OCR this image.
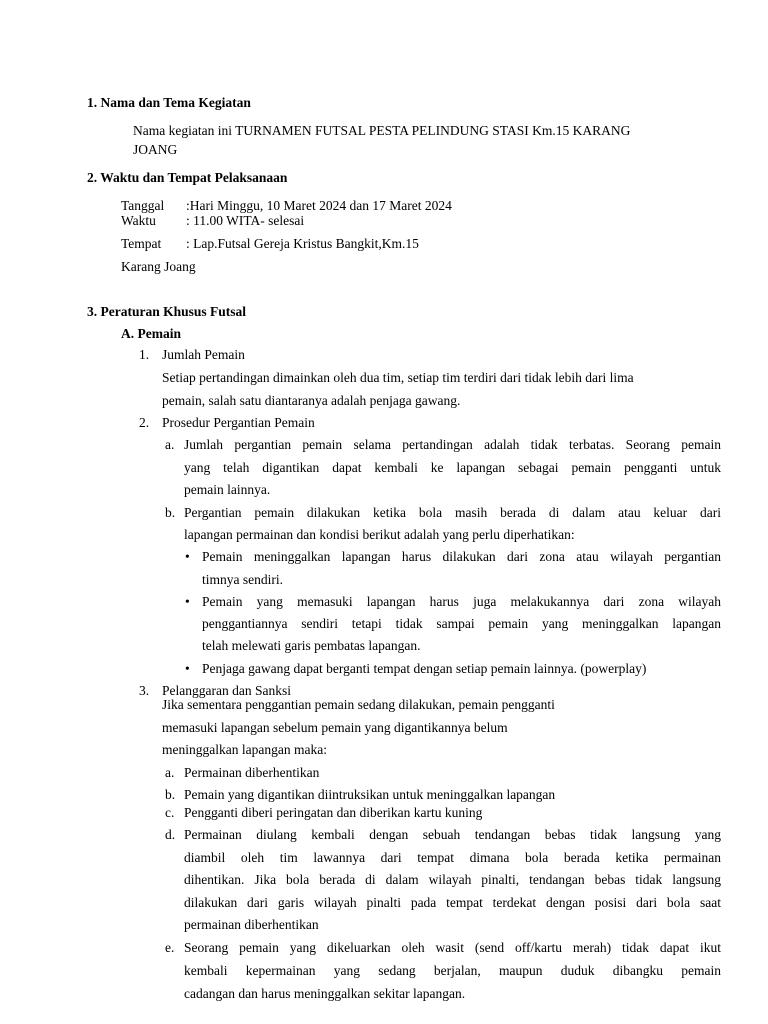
1. Nama dan Tema Kegiatan
Nama kegiatan ini TURNAMEN FUTSAL PESTA PELINDUNG STASI Km.15 KARANG
JOANG
2. Waktu dan Tempat Pelaksanaan
Tanggal :Hari Minggu, 10 Maret 2024 dan 17 Maret 2024
Waktu : 11.00 WITA- selesai
Tempat : Lap.Futsal Gereja Kristus Bangkit,Km.15
Karang Joang
3. Peraturan Khusus Futsal
A. Pemain
1. Jumlah Pemain
Setiap pertandingan dimainkan oleh dua tim, setiap tim terdiri dari tidak lebih dari lima
pemain, salah satu diantaranya adalah penjaga gawang.
2. Prosedur Pergantian Pemain
a. Jumlah pergantian pemain selama pertandingan adalah tidak terbatas. Seorang pemain
yang telah digantikan dapat kembali ke lapangan sebagai pemain pengganti untuk
pemain lainnya.
b. Pergantian pemain dilakukan ketika bola masih berada di dalam atau keluar dari
lapangan permainan dan kondisi berikut adalah yang perlu diperhatikan:
• Pemain meninggalkan lapangan harus dilakukan dari zona atau wilayah pergantian
timnya sendiri.
• Pemain yang memasuki lapangan harus juga melakukannya dari zona wilayah
penggantiannya sendiri tetapi tidak sampai pemain yang meninggalkan lapangan
telah melewati garis pembatas lapangan.
• Penjaga gawang dapat berganti tempat dengan setiap pemain lainnya. (powerplay)
3. Pelanggaran dan Sanksi
Jika sementara penggantian pemain sedang dilakukan, pemain pengganti
memasuki lapangan sebelum pemain yang digantikannya belum
meninggalkan lapangan maka:
a. Permainan diberhentikan
b. Pemain yang digantikan diintruksikan untuk meninggalkan lapangan
c. Pengganti diberi peringatan dan diberikan kartu kuning
d. Permainan diulang kembali dengan sebuah tendangan bebas tidak langsung yang
diambil oleh tim lawannya dari tempat dimana bola berada ketika permainan
dihentikan. Jika bola berada di dalam wilayah pinalti, tendangan bebas tidak langsung
dilakukan dari garis wilayah pinalti pada tempat terdekat dengan posisi dari bola saat
permainan diberhentikan
e. Seorang pemain yang dikeluarkan oleh wasit (send off/kartu merah) tidak dapat ikut
kembali kepermainan yang sedang berjalan, maupun duduk dibangku pemain
cadangan dan harus meninggalkan sekitar lapangan.
